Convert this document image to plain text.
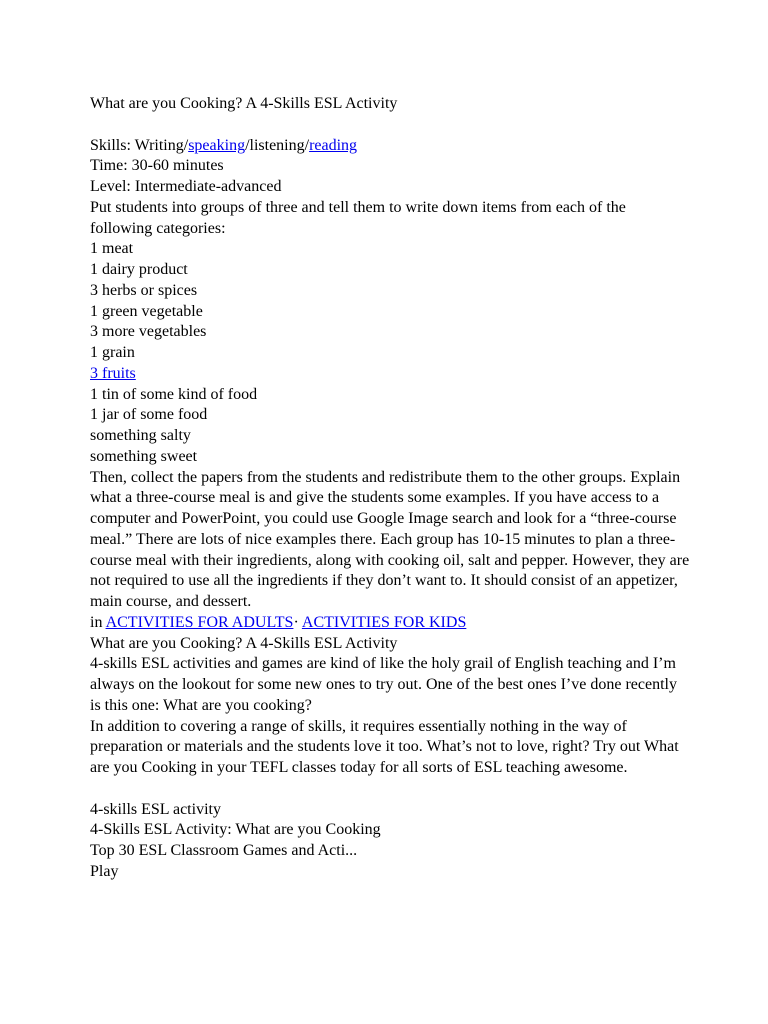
What are you Cooking? A 4-Skills ESL Activity
Skills: Writing/speaking/listening/reading
Time: 30-60 minutes
Level: Intermediate-advanced
Put students into groups of three and tell them to write down items from each of the following categories:
1 meat
1 dairy product
3 herbs or spices
1 green vegetable
3 more vegetables
1 grain
3 fruits
1 tin of some kind of food
1 jar of some food
something salty
something sweet
Then, collect the papers from the students and redistribute them to the other groups. Explain what a three-course meal is and give the students some examples. If you have access to a computer and PowerPoint, you could use Google Image search and look for a “three-course meal.” There are lots of nice examples there. Each group has 10-15 minutes to plan a three-course meal with their ingredients, along with cooking oil, salt and pepper. However, they are not required to use all the ingredients if they don’t want to. It should consist of an appetizer, main course, and dessert.
in ACTIVITIES FOR ADULTS· ACTIVITIES FOR KIDS
What are you Cooking? A 4-Skills ESL Activity
4-skills ESL activities and games are kind of like the holy grail of English teaching and I’m always on the lookout for some new ones to try out. One of the best ones I’ve done recently is this one: What are you cooking?
In addition to covering a range of skills, it requires essentially nothing in the way of preparation or materials and the students love it too. What’s not to love, right? Try out What are you Cooking in your TEFL classes today for all sorts of ESL teaching awesome.
4-skills ESL activity
4-Skills ESL Activity: What are you Cooking
Top 30 ESL Classroom Games and Acti...
Play
